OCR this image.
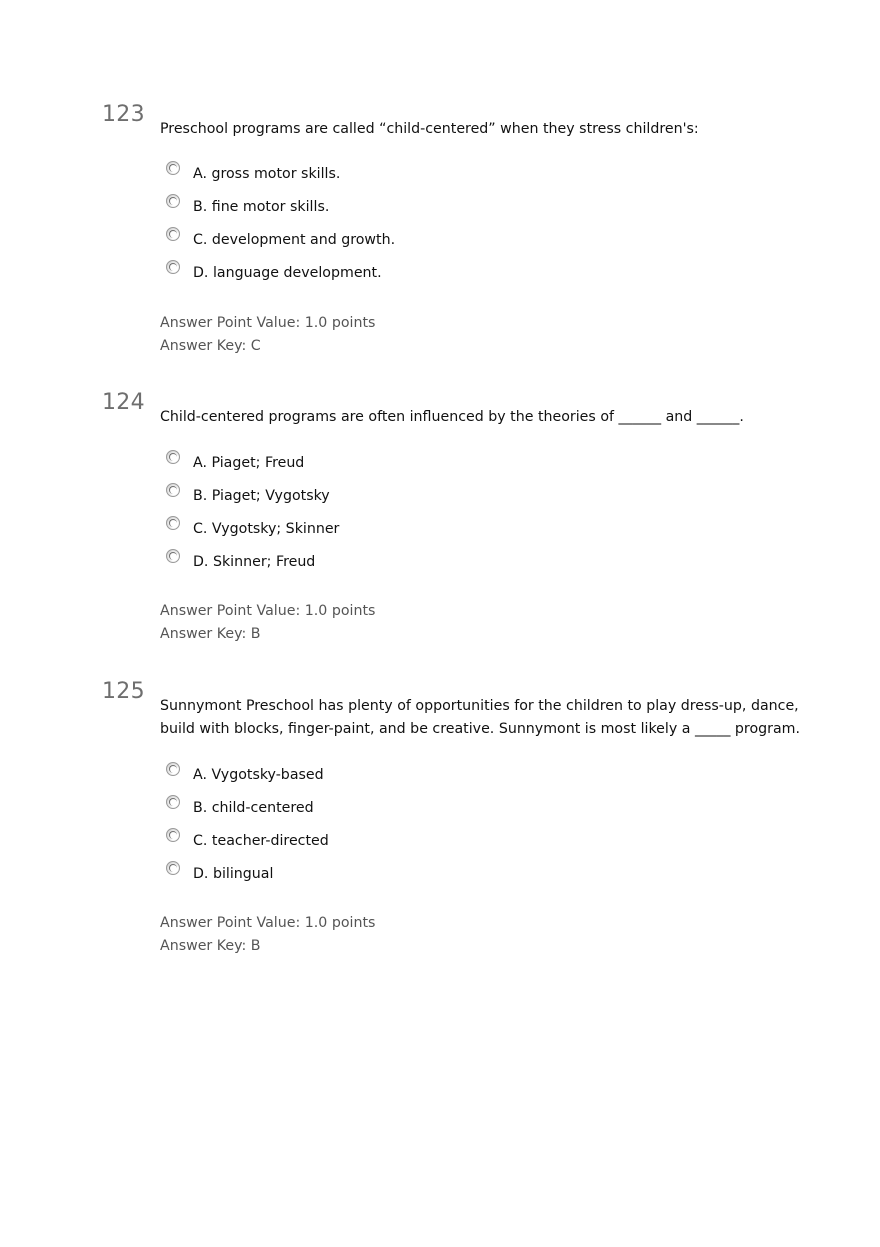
123
Preschool programs are called “child-centered” when they stress children's:
A. gross motor skills.
B. fine motor skills.
C. development and growth.
D. language development.
Answer Point Value: 1.0 points
Answer Key: C
124
Child-centered programs are often influenced by the theories of ______ and ______.
A. Piaget; Freud
B. Piaget; Vygotsky
C. Vygotsky; Skinner
D. Skinner; Freud
Answer Point Value: 1.0 points
Answer Key: B
125
Sunnymont Preschool has plenty of opportunities for the children to play dress-up, dance, build with blocks, finger-paint, and be creative. Sunnymont is most likely a _____ program.
A. Vygotsky-based
B. child-centered
C. teacher-directed
D. bilingual
Answer Point Value: 1.0 points
Answer Key: B
